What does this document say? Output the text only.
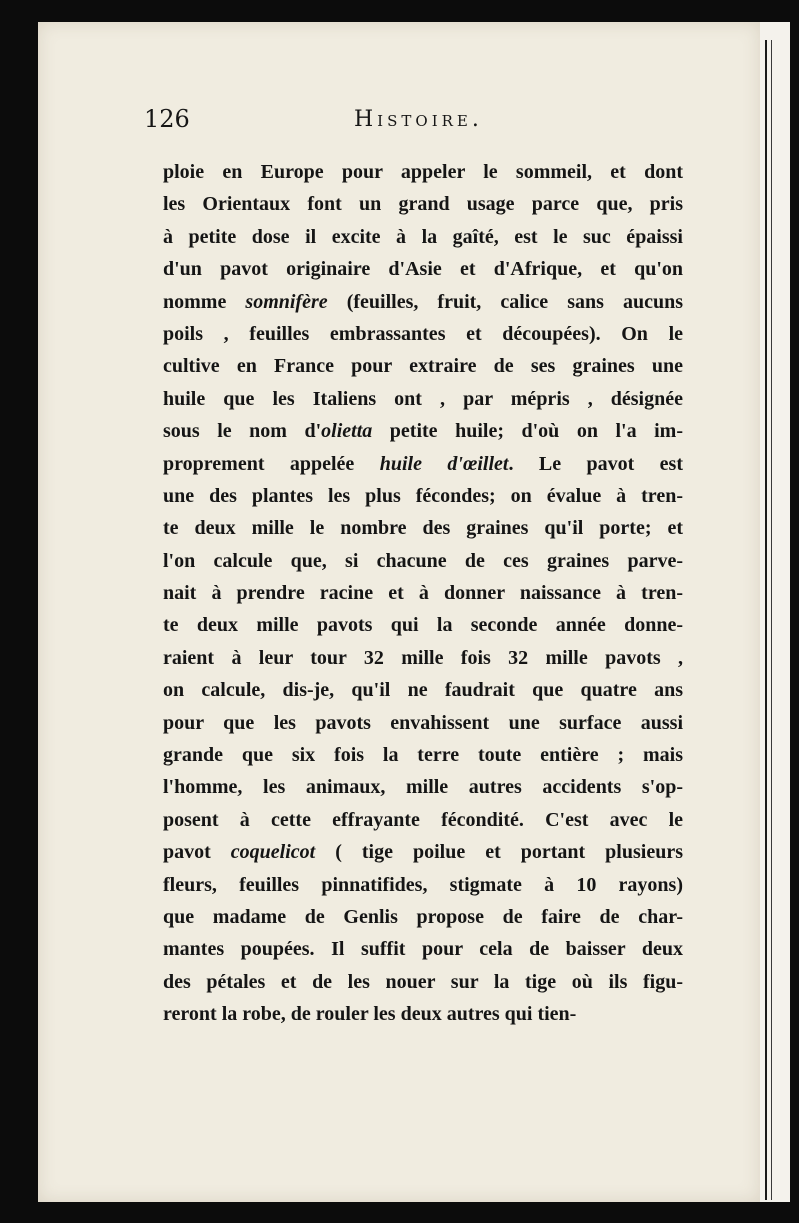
126	Histoire.
ploie en Europe pour appeler le sommeil, et dont
les Orientaux font un grand usage parce que, pris
à petite dose il excite à la gaîté, est le suc épaissi
d'un pavot originaire d'Asie et d'Afrique, et qu'on
nomme somnifère (feuilles, fruit, calice sans aucuns
poils , feuilles embrassantes et découpées). On le
cultive en France pour extraire de ses graines une
huile que les Italiens ont , par mépris , désignée
sous le nom d'olietta petite huile; d'où on l'a im-
proprement appelée huile d'œillet. Le pavot est
une des plantes les plus fécondes; on évalue à tren-
te deux mille le nombre des graines qu'il porte; et
l'on calcule que, si chacune de ces graines parve-
nait à prendre racine et à donner naissance à tren-
te deux mille pavots qui la seconde année donne-
raient à leur tour 32 mille fois 32 mille pavots ,
on calcule, dis-je, qu'il ne faudrait que quatre ans
pour que les pavots envahissent une surface aussi
grande que six fois la terre toute entière ; mais
l'homme, les animaux, mille autres accidents s'op-
posent à cette effrayante fécondité. C'est avec le
pavot coquelicot ( tige poilue et portant plusieurs
fleurs, feuilles pinnatifides, stigmate à 10 rayons)
que madame de Genlis propose de faire de char-
mantes poupées. Il suffit pour cela de baisser deux
des pétales et de les nouer sur la tige où ils figu-
reront la robe, de rouler les deux autres qui tien-
